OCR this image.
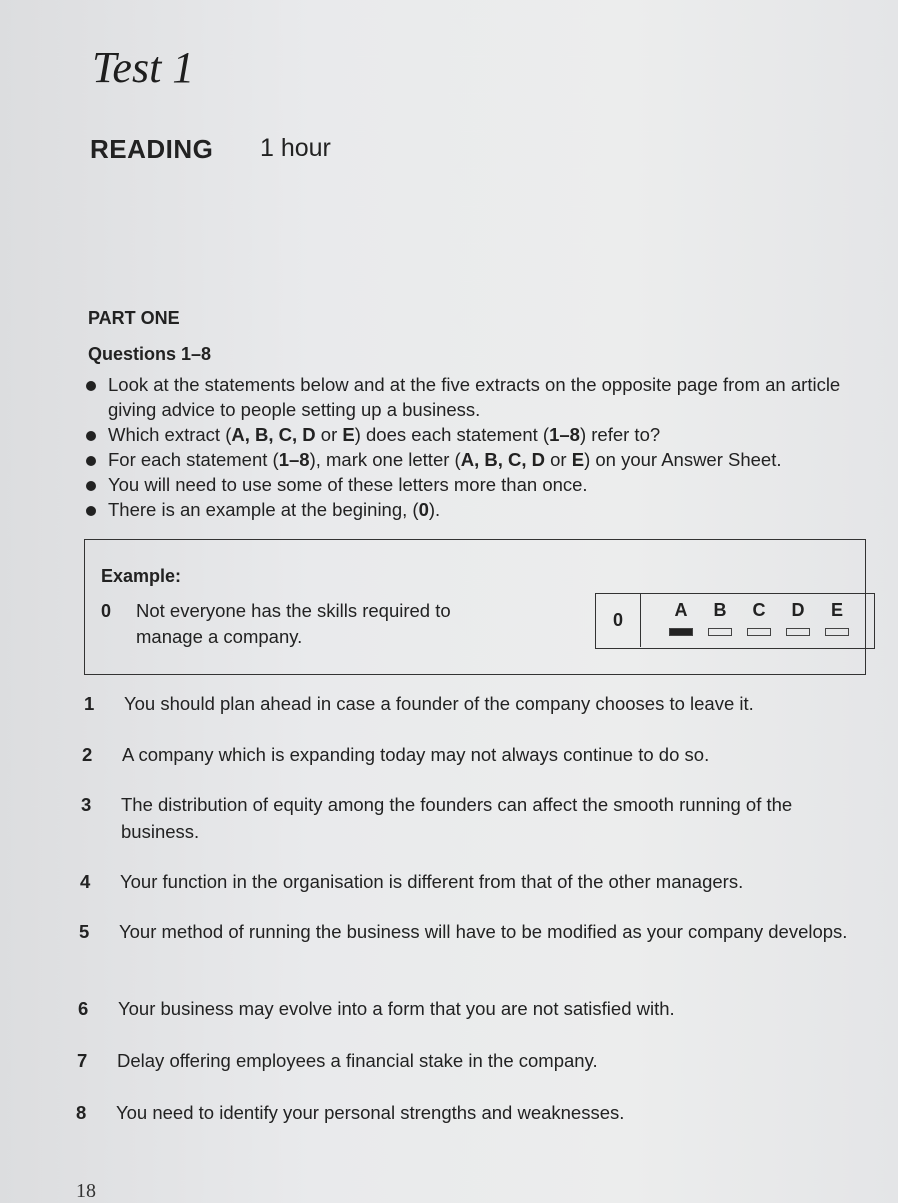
Test 1
READING 1 hour
PART ONE
Questions 1–8
Look at the statements below and at the five extracts on the opposite page from an article giving advice to people setting up a business.
Which extract (A, B, C, D or E) does each statement (1–8) refer to?
For each statement (1–8), mark one letter (A, B, C, D or E) on your Answer Sheet.
You will need to use some of these letters more than once.
There is an example at the begining, (0).
Example:
0 Not everyone has the skills required to manage a company.
0	A	B	C	D	E
1	You should plan ahead in case a founder of the company chooses to leave it.
2	A company which is expanding today may not always continue to do so.
3	The distribution of equity among the founders can affect the smooth running of the business.
4	Your function in the organisation is different from that of the other managers.
5	Your method of running the business will have to be modified as your company develops.
6	Your business may evolve into a form that you are not satisfied with.
7	Delay offering employees a financial stake in the company.
8	You need to identify your personal strengths and weaknesses.
18
